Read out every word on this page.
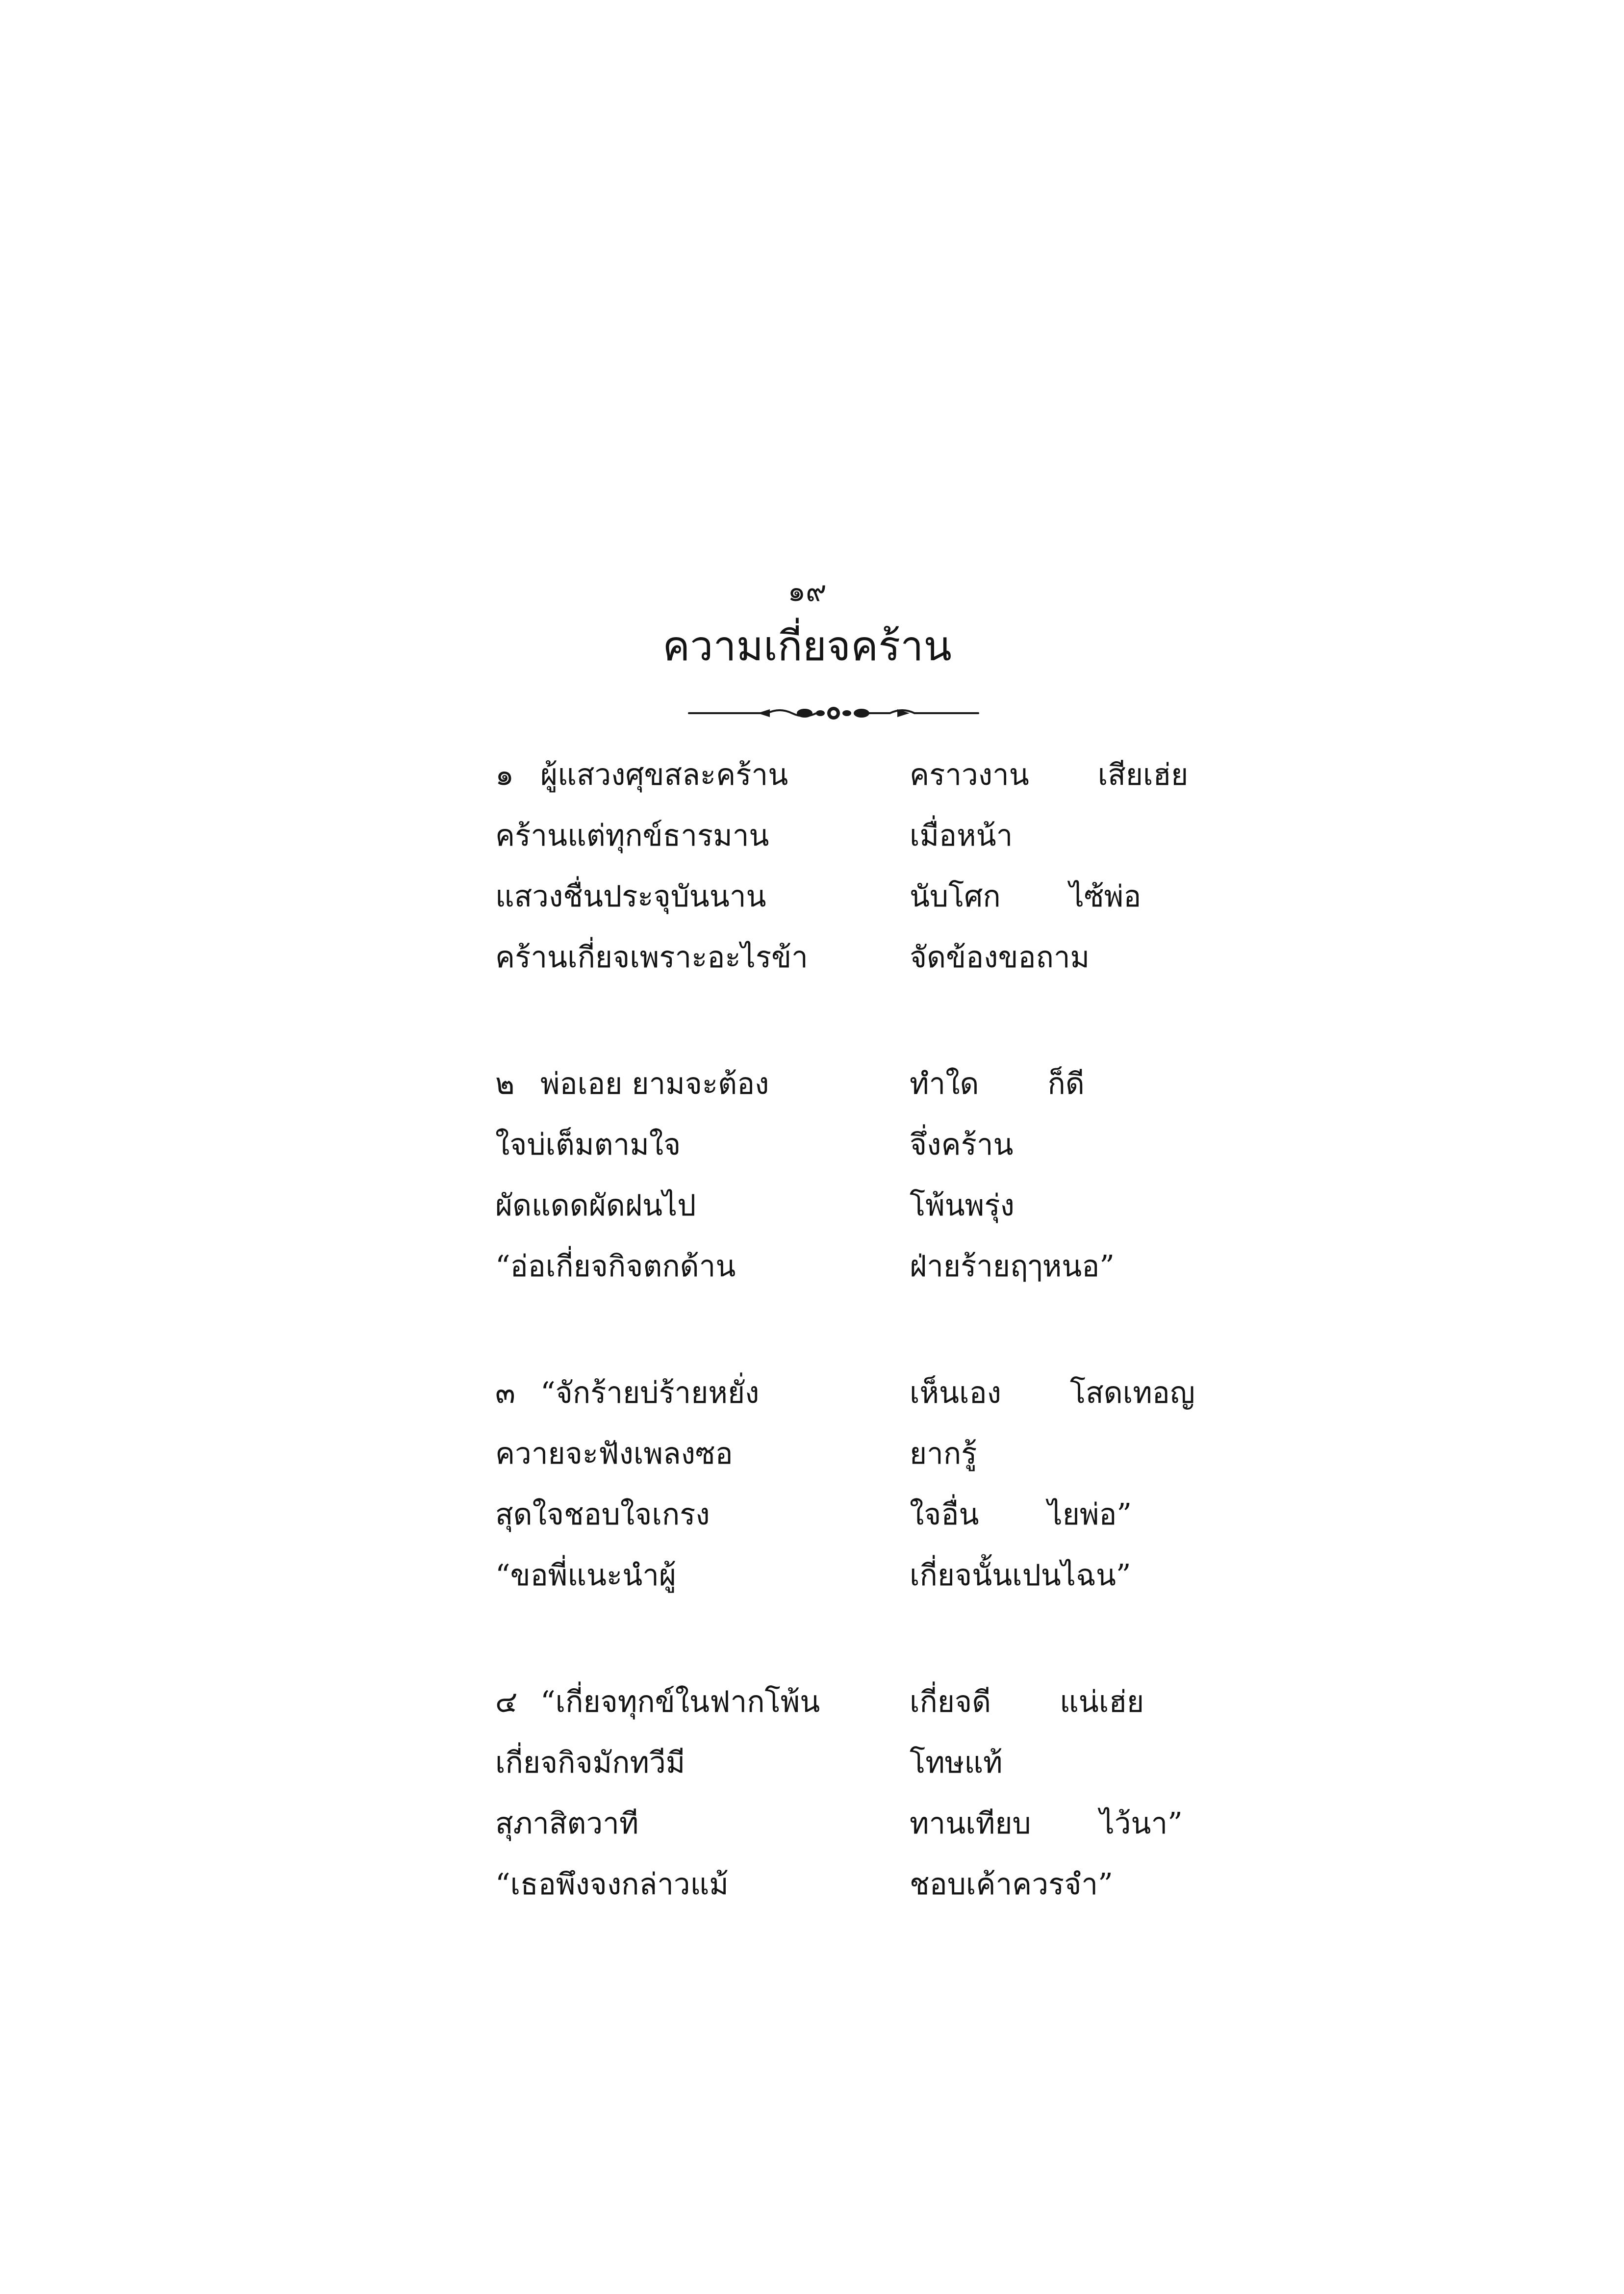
๑๙
ความเกี่ยจคร้าน
๑ ผู้แสวงศุขสละคร้าน	คราวงาน เสียเฮ่ย
คร้านแต่ทุกข์ธารมาน	เมื่อหน้า
แสวงชื่นประจุบันนาน	นับโศก ไซ้พ่อ
คร้านเกี่ยจเพราะอะไรข้า	จัดข้องขอถาม
๒ พ่อเอย ยามจะต้อง	ทำใด ก็ดี
ใจบ่เต็มตามใจ	จึ่งคร้าน
ผัดแดดผัดฝนไป	โพ้นพรุ่ง
“อ่อเกี่ยจกิจตกด้าน	ฝ่ายร้ายฤๅหนอ”
๓ “จักร้ายบ่ร้ายหยั่ง	เห็นเอง โสดเทอญ
ควายจะฟังเพลงซอ	ยากรู้
สุดใจชอบใจเกรง	ใจอื่น ไยพ่อ”
“ขอพี่แนะนำผู้	เกี่ยจนั้นเปนไฉน”
๔ “เกี่ยจทุกข์ในฟากโพ้น	เกี่ยจดี แน่เฮ่ย
เกี่ยจกิจมักทวีมี	โทษแท้
สุภาสิตวาที	ทานเทียบ ไว้นา”
“เธอพึงจงกล่าวแม้	ชอบเค้าควรจำ”
